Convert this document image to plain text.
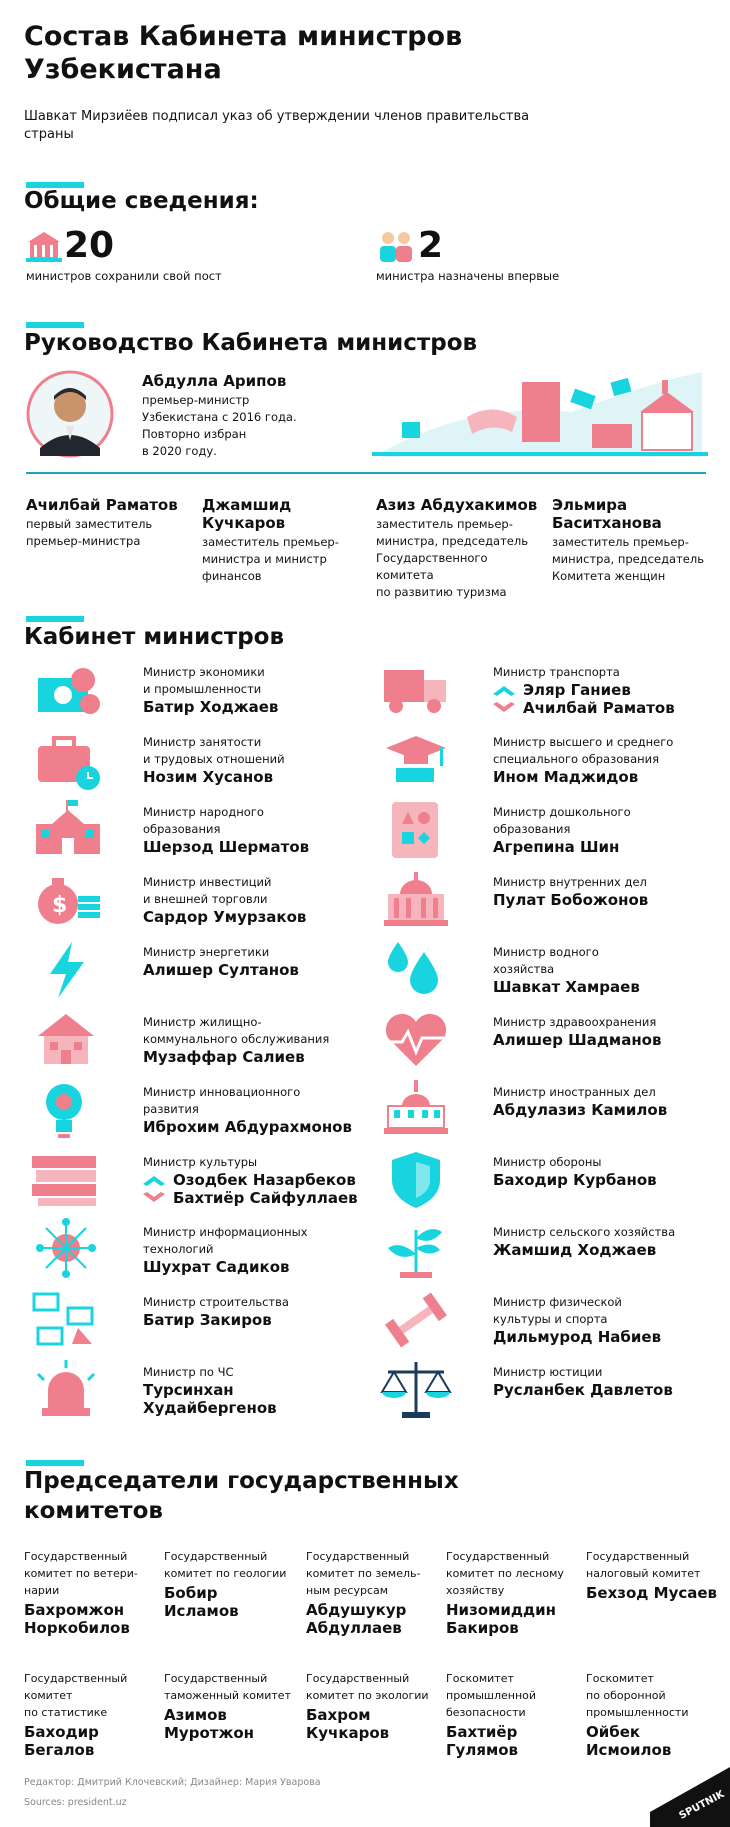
Состав Кабинета министров
Узбекистана
Шавкат Мирзиёев подписал указ об утверждении членов правительства
страны
Общие сведения:
20
министров сохранили свой пост
2
министра назначены впервые
Руководство Кабинета министров
Абдулла Арипов
премьер-министр
Узбекистана с 2016 года.
Повторно избран
в 2020 году.
Ачилбай Раматов
первый заместитель
премьер-министра
Джамшид
Кучкаров
заместитель премьер-
министра и министр
финансов
Азиз Абдухакимов
заместитель премьер-
министра, председатель
Государственного комитета
по развитию туризма
Эльмира
Баситханова
заместитель премьер-
министра, председатель
Комитета женщин
Кабинет министров
Министр экономики
и промышленности
Батир Ходжаев
Министр занятости
и трудовых отношений
Нозим Хусанов
Министр народного
образования
Шерзод Шерматов
$
Министр инвестиций
и внешней торговли
Сардор Умурзаков
Министр энергетики
Алишер Султанов
Министр жилищно-
коммунального обслуживания
Музаффар Салиев
Министр инновационного
развития
Иброхим Абдурахмонов
Министр культуры
Озодбек Назарбеков
Бахтиёр Сайфуллаев
Министр информационных технологий
Шухрат Садиков
Министр строительства
Батир Закиров
Министр по ЧС
Турсинхан
Худайбергенов
Министр транспорта
Эляр Ганиев
Ачилбай Раматов
Министр высшего и среднего
специального образования
Ином Маджидов
Министр дошкольного
образования
Агрепина Шин
Министр внутренних дел
Пулат Бобожонов
Министр водного
хозяйства
Шавкат Хамраев
Министр здравоохранения
Алишер Шадманов
Министр иностранных дел
Абдулазиз Камилов
Министр обороны
Баходир Курбанов
Министр сельского хозяйства
Жамшид Ходжаев
Министр физической
культуры и спорта
Дильмурод Набиев
Министр юстиции
Русланбек Давлетов
Председатели государственных
комитетов
Государственный
комитет по ветери-
нарии
Бахромжон
Норкобилов
Государственный
комитет по геологии
Бобир
Исламов
Государственный
комитет по земель-
ным ресурсам
Абдушукур
Абдуллаев
Государственный
комитет по лесному
хозяйству
Низомиддин
Бакиров
Государственный
налоговый комитет
Бехзод Мусаев
Государственный
комитет
по статистике
Баходир
Бегалов
Государственный
таможенный комитет
Азимов
Муротжон
Государственный
комитет по экологии
Бахром
Кучкаров
Госкомитет
промышленной
безопасности
Бахтиёр
Гулямов
Госкомитет
по оборонной
промышленности
Ойбек
Исмоилов
Редактор: Дмитрий Клочевский; Дизайнер: Мария Уварова
Sources: president.uz	SPUTNIK
